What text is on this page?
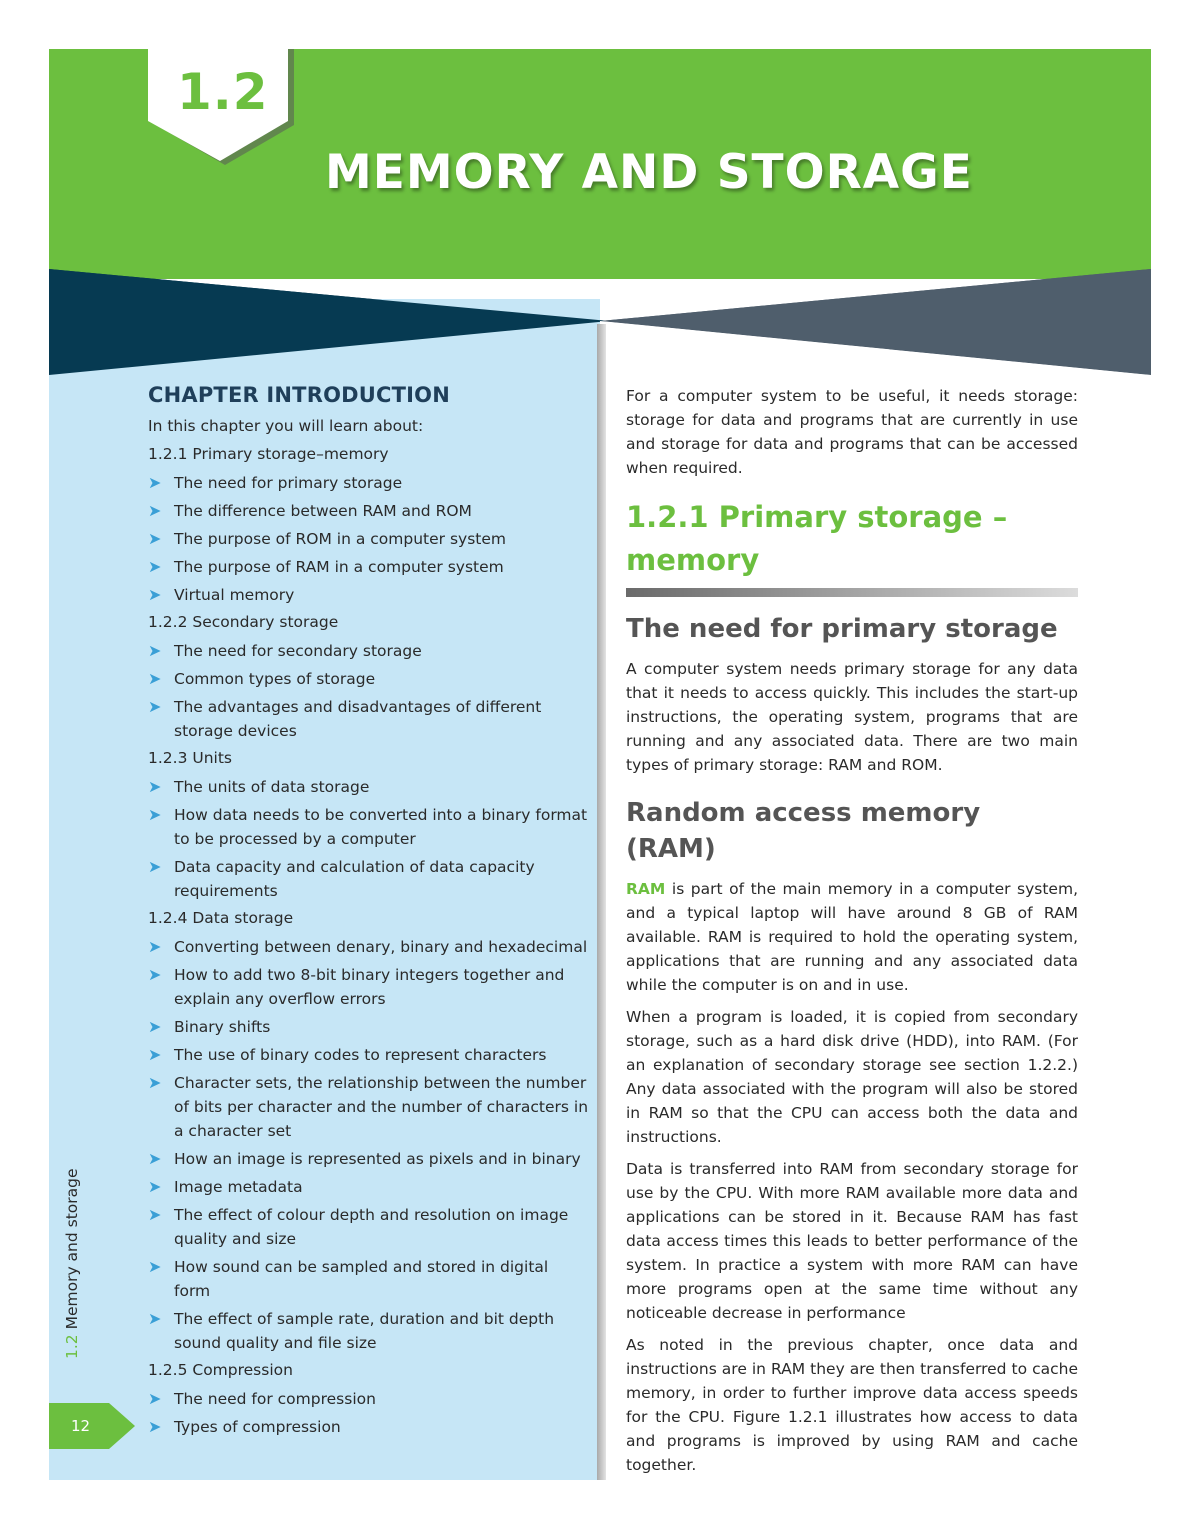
1.2
MEMORY AND STORAGE
CHAPTER INTRODUCTION
In this chapter you will learn about:
1.2.1 Primary storage–memory
➤ The need for primary storage
➤ The difference between RAM and ROM
➤ The purpose of ROM in a computer system
➤ The purpose of RAM in a computer system
➤ Virtual memory
1.2.2 Secondary storage
➤ The need for secondary storage
➤ Common types of storage
➤ The advantages and disadvantages of different storage devices
1.2.3 Units
➤ The units of data storage
➤ How data needs to be converted into a binary format to be processed by a computer
➤ Data capacity and calculation of data capacity requirements
1.2.4 Data storage
➤ Converting between denary, binary and hexadecimal
➤ How to add two 8-bit binary integers together and explain any overflow errors
➤ Binary shifts
➤ The use of binary codes to represent characters
➤ Character sets, the relationship between the number of bits per character and the number of characters in a character set
➤ How an image is represented as pixels and in binary
➤ Image metadata
➤ The effect of colour depth and resolution on image quality and size
➤ How sound can be sampled and stored in digital form
➤ The effect of sample rate, duration and bit depth sound quality and file size
1.2.5 Compression
➤ The need for compression
➤ Types of compression
1.2 Memory and storage
12

For a computer system to be useful, it needs storage: storage for data and programs that are currently in use and storage for data and programs that can be accessed when required.

1.2.1 Primary storage – memory
The need for primary storage

A computer system needs primary storage for any data that it needs to access quickly. This includes the start-up instructions, the operating system, programs that are running and any associated data. There are two main types of primary storage: RAM and ROM.

Random access memory (RAM)

RAM is part of the main memory in a computer system, and a typical laptop will have around 8 GB of RAM available. RAM is required to hold the operating system, applications that are running and any associated data while the computer is on and in use.

When a program is loaded, it is copied from secondary storage, such as a hard disk drive (HDD), into RAM. (For an explanation of secondary storage see section 1.2.2.) Any data associated with the program will also be stored in RAM so that the CPU can access both the data and instructions.

Data is transferred into RAM from secondary storage for use by the CPU. With more RAM available more data and applications can be stored in it. Because RAM has fast data access times this leads to better performance of the system. In practice a system with more RAM can have more programs open at the same time without any noticeable decrease in performance

As noted in the previous chapter, once data and instructions are in RAM they are then transferred to cache memory, in order to further improve data access speeds for the CPU. Figure 1.2.1 illustrates how access to data and programs is improved by using RAM and cache together.
